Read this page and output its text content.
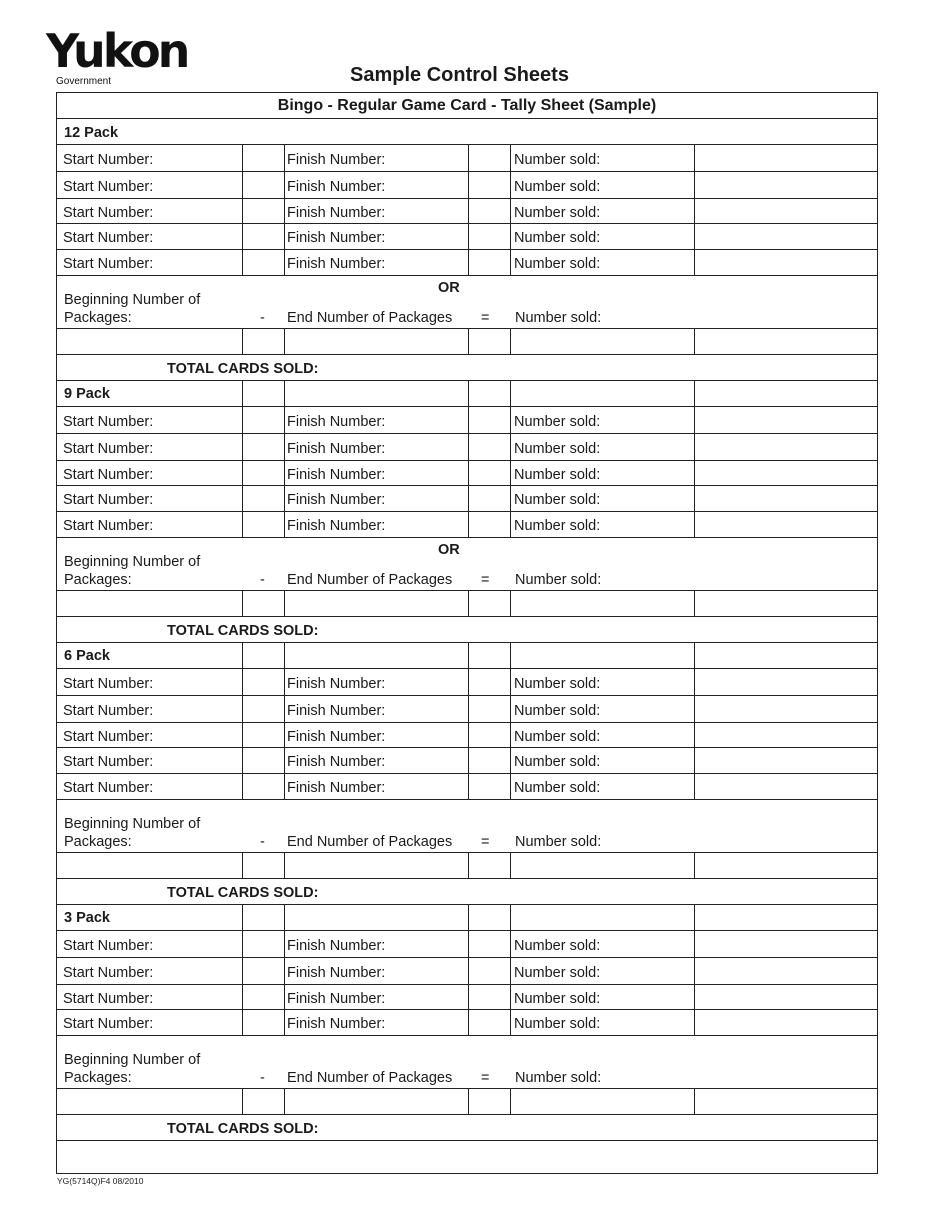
Yukon
Government	Sample Control Sheets
Bingo - Regular Game Card - Tally Sheet (Sample)
12 Pack
Start Number:	Finish Number:	Number sold:
Start Number:	Finish Number:	Number sold:
Start Number:	Finish Number:	Number sold:
Start Number:	Finish Number:	Number sold:
Start Number:	Finish Number:	Number sold:
OR
Beginning Number of
Packages:	- End Number of Packages = Number sold:
TOTAL CARDS SOLD:
9 Pack
Start Number:	Finish Number:	Number sold:
Start Number:	Finish Number:	Number sold:
Start Number:	Finish Number:	Number sold:
Start Number:	Finish Number:	Number sold:
Start Number:	Finish Number:	Number sold:
OR
Beginning Number of
Packages:	- End Number of Packages = Number sold:
TOTAL CARDS SOLD:
6 Pack
Start Number:	Finish Number:	Number sold:
Start Number:	Finish Number:	Number sold:
Start Number:	Finish Number:	Number sold:
Start Number:	Finish Number:	Number sold:
Start Number:	Finish Number:	Number sold:
Beginning Number of
Packages:	- End Number of Packages = Number sold:
TOTAL CARDS SOLD:
3 Pack
Start Number:	Finish Number:	Number sold:
Start Number:	Finish Number:	Number sold:
Start Number:	Finish Number:	Number sold:
Start Number:	Finish Number:	Number sold:
Beginning Number of
Packages:	- End Number of Packages = Number sold:
TOTAL CARDS SOLD:
YG(5714Q)F4 08/2010
